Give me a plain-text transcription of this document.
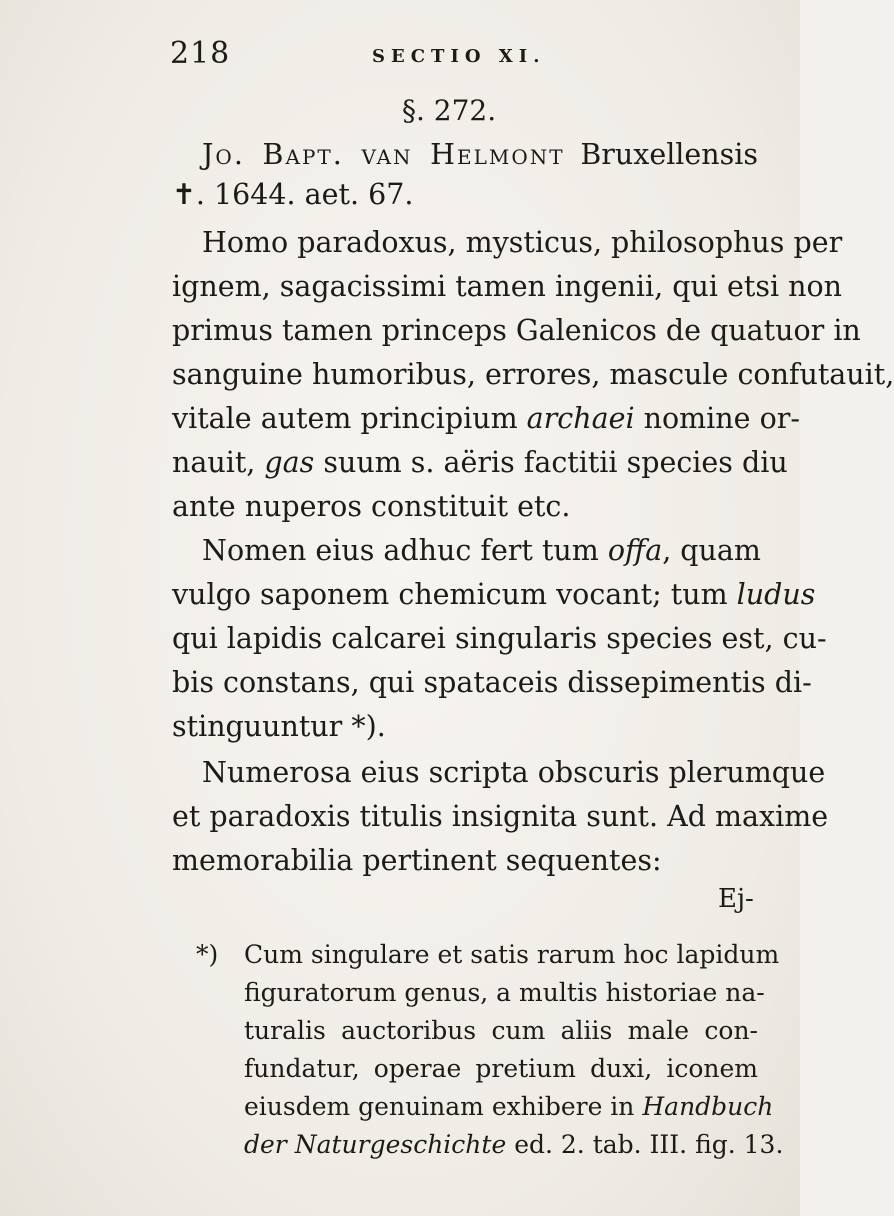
218	SECTIO XI.
§. 272.
Jo. Bapt. van Helmont Bruxellensis
✝. 1644. aet. 67.
Homo paradoxus, mysticus, philosophus per
ignem, sagacissimi tamen ingenii, qui etsi non
primus tamen princeps Galenicos de quatuor in
sanguine humoribus, errores, mascule confutauit,
vitale autem principium archaei nomine or-
nauit, gas suum s. aëris factitii species diu
ante nuperos constituit etc.
Nomen eius adhuc fert tum offa, quam
vulgo saponem chemicum vocant; tum ludus
qui lapidis calcarei singularis species est, cu-
bis constans, qui spataceis dissepimentis di-
stinguuntur *).
Numerosa eius scripta obscuris plerumque
et paradoxis titulis insignita sunt. Ad maxime
memorabilia pertinent sequentes:
Ej-
*) Cum singulare et satis rarum hoc lapidum
figuratorum genus, a multis historiae na-
turalis auctoribus cum aliis male con-
fundatur, operae pretium duxi, iconem
eiusdem genuinam exhibere in Handbuch
der Naturgeschichte ed. 2. tab. III. fig. 13.
